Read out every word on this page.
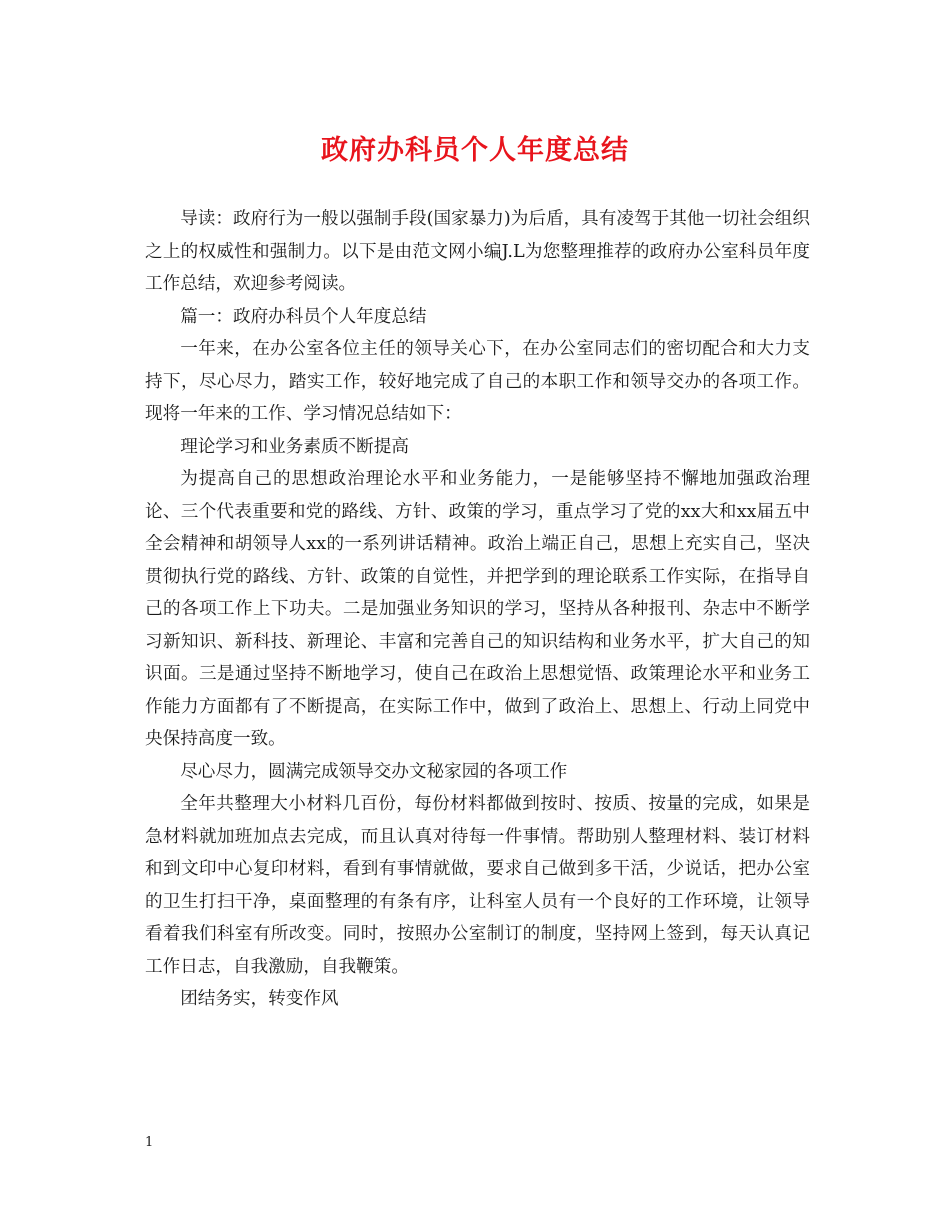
政府办科员个人年度总结

导读：政府行为一般以强制手段(国家暴力)为后盾，具有凌驾于其他一切社会组织之上的权威性和强制力。以下是由范文网小编J.L为您整理推荐的政府办公室科员年度工作总结，欢迎参考阅读。

篇一：政府办科员个人年度总结

一年来，在办公室各位主任的领导关心下，在办公室同志们的密切配合和大力支持下，尽心尽力，踏实工作，较好地完成了自己的本职工作和领导交办的各项工作。现将一年来的工作、学习情况总结如下：

理论学习和业务素质不断提高

为提高自己的思想政治理论水平和业务能力，一是能够坚持不懈地加强政治理论、三个代表重要和党的路线、方针、政策的学习，重点学习了党的xx大和xx届五中全会精神和胡领导人xx的一系列讲话精神。政治上端正自己，思想上充实自己，坚决贯彻执行党的路线、方针、政策的自觉性，并把学到的理论联系工作实际，在指导自己的各项工作上下功夫。二是加强业务知识的学习，坚持从各种报刊、杂志中不断学习新知识、新科技、新理论、丰富和完善自己的知识结构和业务水平，扩大自己的知识面。三是通过坚持不断地学习，使自己在政治上思想觉悟、政策理论水平和业务工作能力方面都有了不断提高，在实际工作中，做到了政治上、思想上、行动上同党中央保持高度一致。

尽心尽力，圆满完成领导交办文秘家园的各项工作

全年共整理大小材料几百份，每份材料都做到按时、按质、按量的完成，如果是急材料就加班加点去完成，而且认真对待每一件事情。帮助别人整理材料、装订材料和到文印中心复印材料，看到有事情就做，要求自己做到多干活，少说话，把办公室的卫生打扫干净，桌面整理的有条有序，让科室人员有一个良好的工作环境，让领导看着我们科室有所改变。同时，按照办公室制订的制度，坚持网上签到，每天认真记工作日志，自我激励，自我鞭策。

团结务实，转变作风

1
